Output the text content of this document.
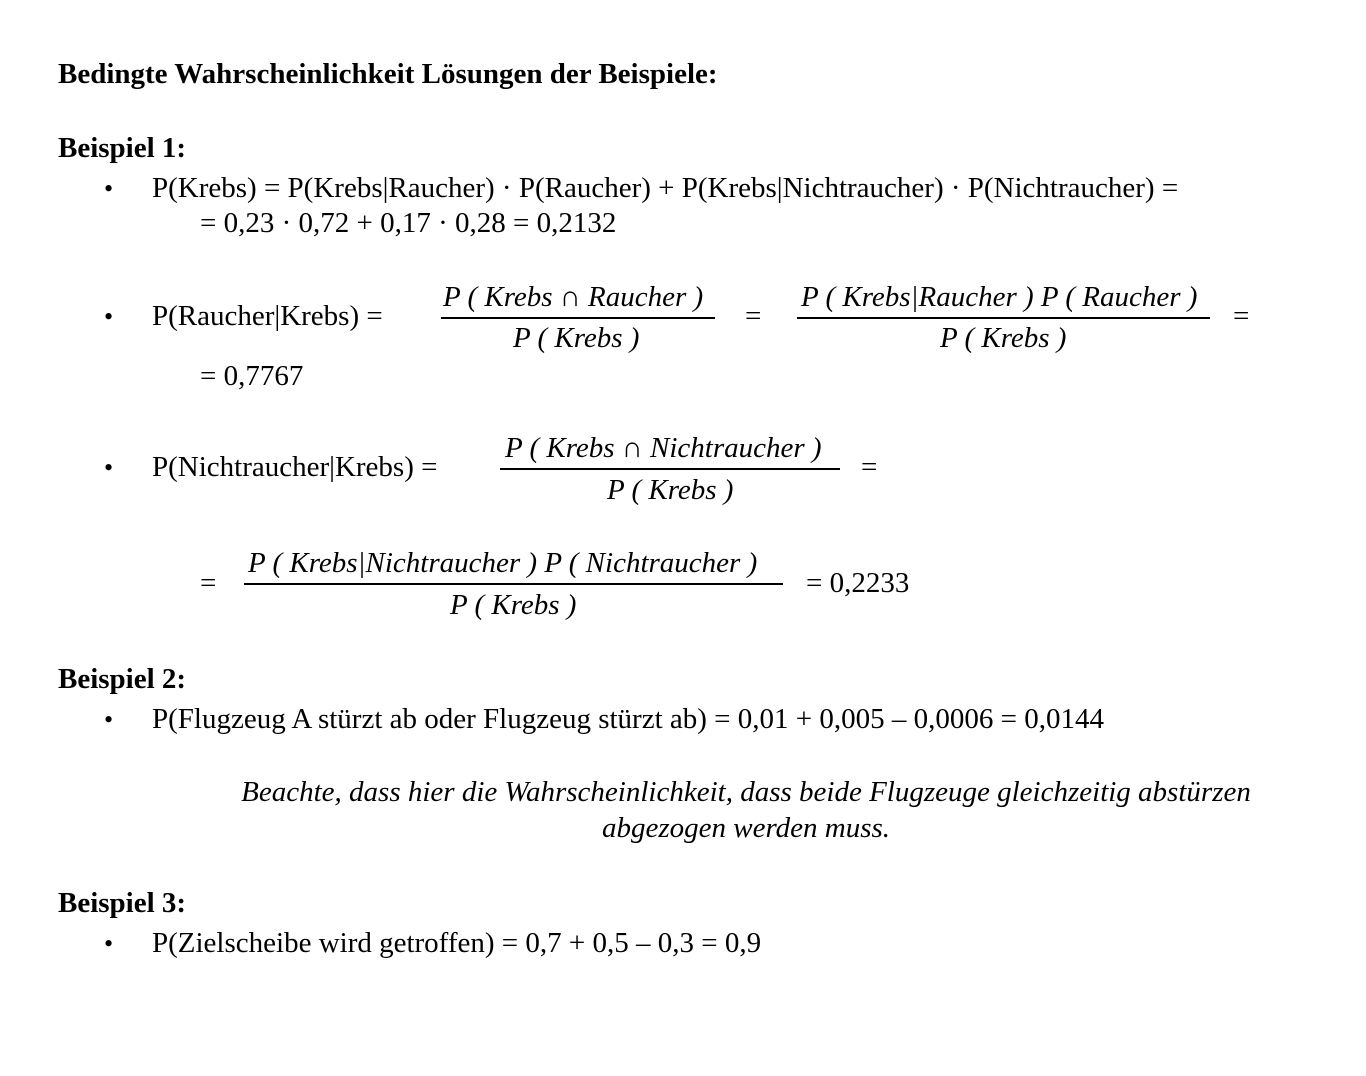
Bedingte Wahrscheinlichkeit Lösungen der Beispiele:
Beispiel 1:
• P(Krebs) = P(Krebs|Raucher) · P(Raucher) + P(Krebs|Nichtraucher) · P(Nichtraucher) =
= 0,23 · 0,72 + 0,17 · 0,28 = 0,2132
• P(Raucher|Krebs) =
P ( Krebs ∩ Raucher )
P ( Krebs )
=
P ( Krebs|Raucher ) P ( Raucher )
P ( Krebs )
=
= 0,7767
• P(Nichtraucher|Krebs) =
P ( Krebs ∩ Nichtraucher )
P ( Krebs )
=
=
P ( Krebs|Nichtraucher ) P ( Nichtraucher )
P ( Krebs )
= 0,2233
Beispiel 2:
• P(Flugzeug A stürzt ab oder Flugzeug stürzt ab) = 0,01 + 0,005 – 0,0006 = 0,0144
Beachte, dass hier die Wahrscheinlichkeit, dass beide Flugzeuge gleichzeitig abstürzen abgezogen werden muss.
Beispiel 3:
• P(Zielscheibe wird getroffen) = 0,7 + 0,5 – 0,3 = 0,9
